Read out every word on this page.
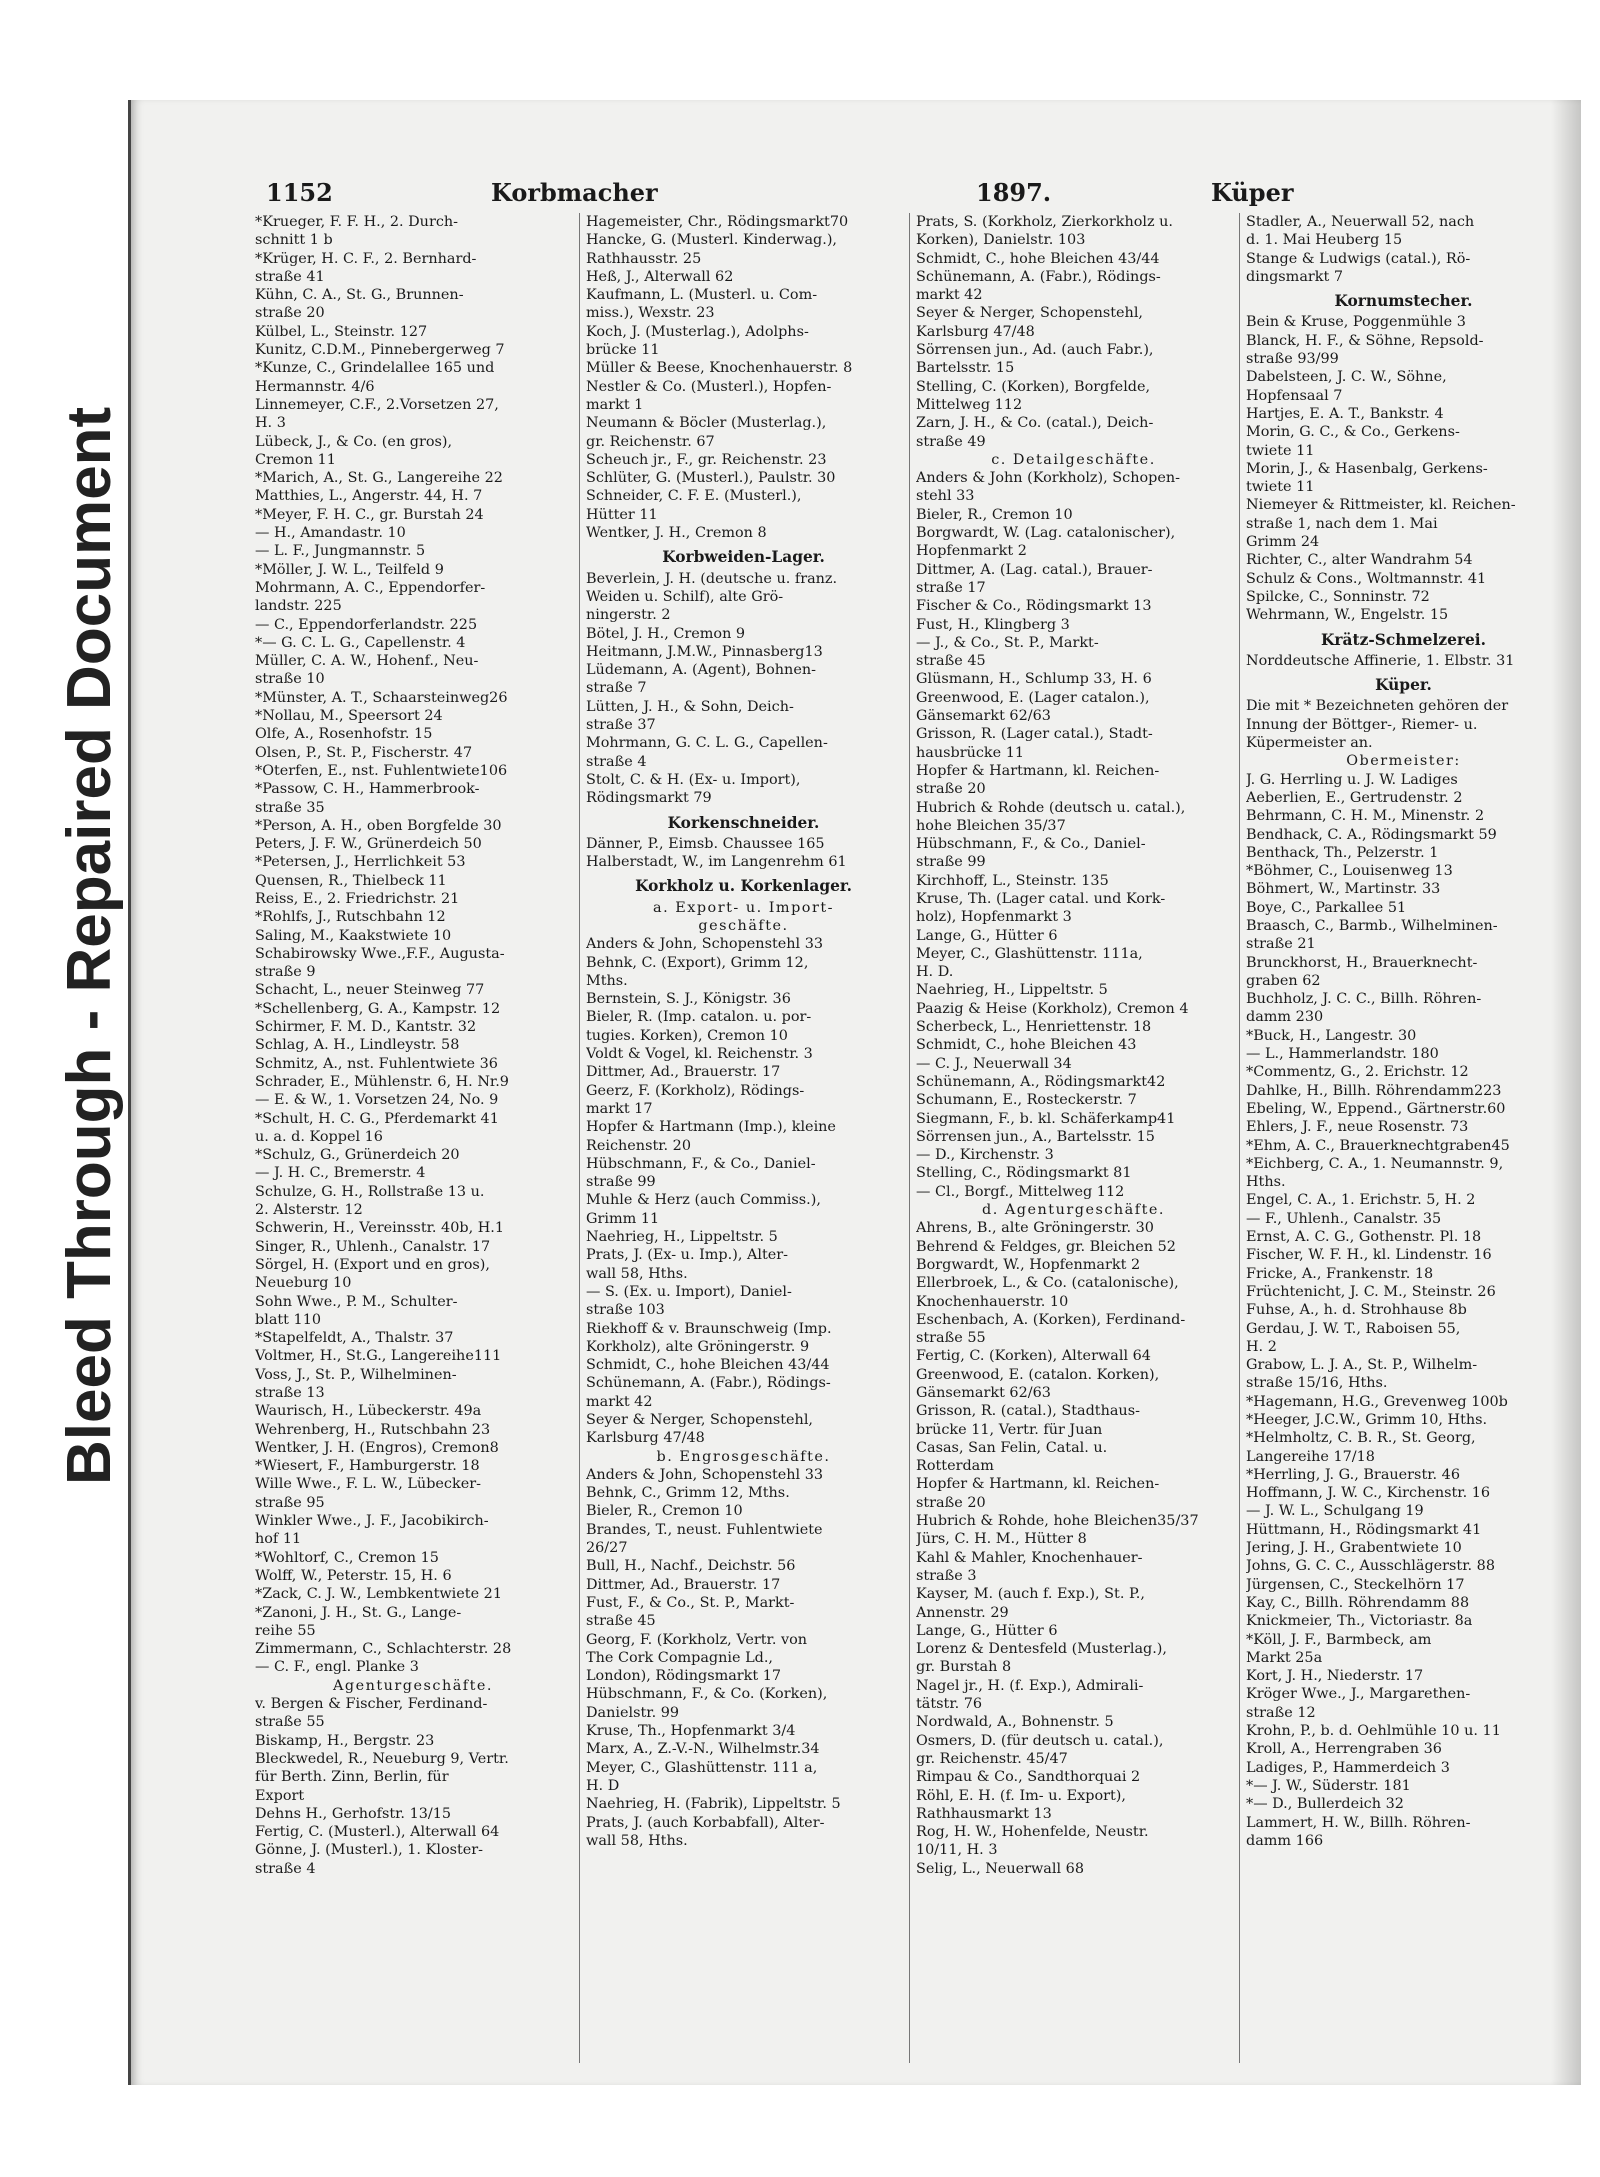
Bleed Through - Repaired Document
1152	Korbmacher	1897.	Küper
*Krueger, F. F. H., 2. Durch-
schnitt 1 b
*Krüger, H. C. F., 2. Bernhard-
straße 41
Kühn, C. A., St. G., Brunnen-
straße 20
Külbel, L., Steinstr. 127
Kunitz, C.D.M., Pinnebergerweg 7
*Kunze, C., Grindelallee 165 und
Hermannstr. 4/6
Linnemeyer, C.F., 2.Vorsetzen 27,
H. 3
Lübeck, J., & Co. (en gros),
Cremon 11
*Marich, A., St. G., Langereihe 22
Matthies, L., Angerstr. 44, H. 7
*Meyer, F. H. C., gr. Burstah 24
— H., Amandastr. 10
— L. F., Jungmannstr. 5
*Möller, J. W. L., Teilfeld 9
Mohrmann, A. C., Eppendorfer-
landstr. 225
— C., Eppendorferlandstr. 225
*— G. C. L. G., Capellenstr. 4
Müller, C. A. W., Hohenf., Neu-
straße 10
*Münster, A. T., Schaarsteinweg26
*Nollau, M., Speersort 24
Olfe, A., Rosenhofstr. 15
Olsen, P., St. P., Fischerstr. 47
*Oterfen, E., nst. Fuhlentwiete106
*Passow, C. H., Hammerbrook-
straße 35
*Person, A. H., oben Borgfelde 30
Peters, J. F. W., Grünerdeich 50
*Petersen, J., Herrlichkeit 53
Quensen, R., Thielbeck 11
Reiss, E., 2. Friedrichstr. 21
*Rohlfs, J., Rutschbahn 12
Saling, M., Kaakstwiete 10
Schabirowsky Wwe.,F.F., Augusta-
straße 9
Schacht, L., neuer Steinweg 77
*Schellenberg, G. A., Kampstr. 12
Schirmer, F. M. D., Kantstr. 32
Schlag, A. H., Lindleystr. 58
Schmitz, A., nst. Fuhlentwiete 36
Schrader, E., Mühlenstr. 6, H. Nr.9
— E. & W., 1. Vorsetzen 24, No. 9
*Schult, H. C. G., Pferdemarkt 41
u. a. d. Koppel 16
*Schulz, G., Grünerdeich 20
— J. H. C., Bremerstr. 4
Schulze, G. H., Rollstraße 13 u.
2. Alsterstr. 12
Schwerin, H., Vereinsstr. 40b, H.1
Singer, R., Uhlenh., Canalstr. 17
Sörgel, H. (Export und en gros),
Neueburg 10
Sohn Wwe., P. M., Schulter-
blatt 110
*Stapelfeldt, A., Thalstr. 37
Voltmer, H., St.G., Langereihe111
Voss, J., St. P., Wilhelminen-
straße 13
Waurisch, H., Lübeckerstr. 49a
Wehrenberg, H., Rutschbahn 23
Wentker, J. H. (Engros), Cremon8
*Wiesert, F., Hamburgerstr. 18
Wille Wwe., F. L. W., Lübecker-
straße 95
Winkler Wwe., J. F., Jacobikirch-
hof 11
*Wohltorf, C., Cremon 15
Wolff, W., Peterstr. 15, H. 6
*Zack, C. J. W., Lembkentwiete 21
*Zanoni, J. H., St. G., Lange-
reihe 55
Zimmermann, C., Schlachterstr. 28
— C. F., engl. Planke 3
Agenturgeschäfte.
v. Bergen & Fischer, Ferdinand-
straße 55
Biskamp, H., Bergstr. 23
Bleckwedel, R., Neueburg 9, Vertr.
für Berth. Zinn, Berlin, für
Export
Dehns H., Gerhofstr. 13/15
Fertig, C. (Musterl.), Alterwall 64
Gönne, J. (Musterl.), 1. Kloster-
straße 4
Hagemeister, Chr., Rödingsmarkt70
Hancke, G. (Musterl. Kinderwag.),
Rathhausstr. 25
Heß, J., Alterwall 62
Kaufmann, L. (Musterl. u. Com-
miss.), Wexstr. 23
Koch, J. (Musterlag.), Adolphs-
brücke 11
Müller & Beese, Knochenhauerstr. 8
Nestler & Co. (Musterl.), Hopfen-
markt 1
Neumann & Böcler (Musterlag.),
gr. Reichenstr. 67
Scheuch jr., F., gr. Reichenstr. 23
Schlüter, G. (Musterl.), Paulstr. 30
Schneider, C. F. E. (Musterl.),
Hütter 11
Wentker, J. H., Cremon 8
Korbweiden-Lager.
Beverlein, J. H. (deutsche u. franz.
Weiden u. Schilf), alte Grö-
ningerstr. 2
Bötel, J. H., Cremon 9
Heitmann, J.M.W., Pinnasberg13
Lüdemann, A. (Agent), Bohnen-
straße 7
Lütten, J. H., & Sohn, Deich-
straße 37
Mohrmann, G. C. L. G., Capellen-
straße 4
Stolt, C. & H. (Ex- u. Import),
Rödingsmarkt 79
Korkenschneider.
Dänner, P., Eimsb. Chaussee 165
Halberstadt, W., im Langenrehm 61
Korkholz u. Korkenlager.
a. Export- u. Import-
geschäfte.
Anders & John, Schopenstehl 33
Behnk, C. (Export), Grimm 12,
Mths.
Bernstein, S. J., Königstr. 36
Bieler, R. (Imp. catalon. u. por-
tugies. Korken), Cremon 10
Voldt & Vogel, kl. Reichenstr. 3
Dittmer, Ad., Brauerstr. 17
Geerz, F. (Korkholz), Rödings-
markt 17
Hopfer & Hartmann (Imp.), kleine
Reichenstr. 20
Hübschmann, F., & Co., Daniel-
straße 99
Muhle & Herz (auch Commiss.),
Grimm 11
Naehrieg, H., Lippeltstr. 5
Prats, J. (Ex- u. Imp.), Alter-
wall 58, Hths.
— S. (Ex. u. Import), Daniel-
straße 103
Riekhoff & v. Braunschweig (Imp.
Korkholz), alte Gröningerstr. 9
Schmidt, C., hohe Bleichen 43/44
Schünemann, A. (Fabr.), Rödings-
markt 42
Seyer & Nerger, Schopenstehl,
Karlsburg 47/48
b. Engrosgeschäfte.
Anders & John, Schopenstehl 33
Behnk, C., Grimm 12, Mths.
Bieler, R., Cremon 10
Brandes, T., neust. Fuhlentwiete
26/27
Bull, H., Nachf., Deichstr. 56
Dittmer, Ad., Brauerstr. 17
Fust, F., & Co., St. P., Markt-
straße 45
Georg, F. (Korkholz, Vertr. von
The Cork Compagnie Ld.,
London), Rödingsmarkt 17
Hübschmann, F., & Co. (Korken),
Danielstr. 99
Kruse, Th., Hopfenmarkt 3/4
Marx, A., Z.-V.-N., Wilhelmstr.34
Meyer, C., Glashüttenstr. 111 a,
H. D
Naehrieg, H. (Fabrik), Lippeltstr. 5
Prats, J. (auch Korbabfall), Alter-
wall 58, Hths.
Prats, S. (Korkholz, Zierkorkholz u.
Korken), Danielstr. 103
Schmidt, C., hohe Bleichen 43/44
Schünemann, A. (Fabr.), Rödings-
markt 42
Seyer & Nerger, Schopenstehl,
Karlsburg 47/48
Sörrensen jun., Ad. (auch Fabr.),
Bartelsstr. 15
Stelling, C. (Korken), Borgfelde,
Mittelweg 112
Zarn, J. H., & Co. (catal.), Deich-
straße 49
c. Detailgeschäfte.
Anders & John (Korkholz), Schopen-
stehl 33
Bieler, R., Cremon 10
Borgwardt, W. (Lag. catalonischer),
Hopfenmarkt 2
Dittmer, A. (Lag. catal.), Brauer-
straße 17
Fischer & Co., Rödingsmarkt 13
Fust, H., Klingberg 3
— J., & Co., St. P., Markt-
straße 45
Glüsmann, H., Schlump 33, H. 6
Greenwood, E. (Lager catalon.),
Gänsemarkt 62/63
Grisson, R. (Lager catal.), Stadt-
hausbrücke 11
Hopfer & Hartmann, kl. Reichen-
straße 20
Hubrich & Rohde (deutsch u. catal.),
hohe Bleichen 35/37
Hübschmann, F., & Co., Daniel-
straße 99
Kirchhoff, L., Steinstr. 135
Kruse, Th. (Lager catal. und Kork-
holz), Hopfenmarkt 3
Lange, G., Hütter 6
Meyer, C., Glashüttenstr. 111a,
H. D.
Naehrieg, H., Lippeltstr. 5
Paazig & Heise (Korkholz), Cremon 4
Scherbeck, L., Henriettenstr. 18
Schmidt, C., hohe Bleichen 43
— C. J., Neuerwall 34
Schünemann, A., Rödingsmarkt42
Schumann, E., Rosteckerstr. 7
Siegmann, F., b. kl. Schäferkamp41
Sörrensen jun., A., Bartelsstr. 15
— D., Kirchenstr. 3
Stelling, C., Rödingsmarkt 81
— Cl., Borgf., Mittelweg 112
d. Agenturgeschäfte.
Ahrens, B., alte Gröningerstr. 30
Behrend & Feldges, gr. Bleichen 52
Borgwardt, W., Hopfenmarkt 2
Ellerbroek, L., & Co. (catalonische),
Knochenhauerstr. 10
Eschenbach, A. (Korken), Ferdinand-
straße 55
Fertig, C. (Korken), Alterwall 64
Greenwood, E. (catalon. Korken),
Gänsemarkt 62/63
Grisson, R. (catal.), Stadthaus-
brücke 11, Vertr. für Juan
Casas, San Felin, Catal. u.
Rotterdam
Hopfer & Hartmann, kl. Reichen-
straße 20
Hubrich & Rohde, hohe Bleichen35/37
Jürs, C. H. M., Hütter 8
Kahl & Mahler, Knochenhauer-
straße 3
Kayser, M. (auch f. Exp.), St. P.,
Annenstr. 29
Lange, G., Hütter 6
Lorenz & Dentesfeld (Musterlag.),
gr. Burstah 8
Nagel jr., H. (f. Exp.), Admirali-
tätstr. 76
Nordwald, A., Bohnenstr. 5
Osmers, D. (für deutsch u. catal.),
gr. Reichenstr. 45/47
Rimpau & Co., Sandthorquai 2
Röhl, E. H. (f. Im- u. Export),
Rathhausmarkt 13
Rog, H. W., Hohenfelde, Neustr.
10/11, H. 3
Selig, L., Neuerwall 68
Stadler, A., Neuerwall 52, nach
d. 1. Mai Heuberg 15
Stange & Ludwigs (catal.), Rö-
dingsmarkt 7
Kornumstecher.
Bein & Kruse, Poggenmühle 3
Blanck, H. F., & Söhne, Repsold-
straße 93/99
Dabelsteen, J. C. W., Söhne,
Hopfensaal 7
Hartjes, E. A. T., Bankstr. 4
Morin, G. C., & Co., Gerkens-
twiete 11
Morin, J., & Hasenbalg, Gerkens-
twiete 11
Niemeyer & Rittmeister, kl. Reichen-
straße 1, nach dem 1. Mai
Grimm 24
Richter, C., alter Wandrahm 54
Schulz & Cons., Woltmannstr. 41
Spilcke, C., Sonninstr. 72
Wehrmann, W., Engelstr. 15
Krätz-Schmelzerei.
Norddeutsche Affinerie, 1. Elbstr. 31
Küper.
Die mit * Bezeichneten gehören der Innung der Böttger-, Riemer- u. Küpermeister an.
Obermeister:
J. G. Herrling u. J. W. Ladiges
Aeberlien, E., Gertrudenstr. 2
Behrmann, C. H. M., Minenstr. 2
Bendhack, C. A., Rödingsmarkt 59
Benthack, Th., Pelzerstr. 1
*Böhmer, C., Louisenweg 13
Böhmert, W., Martinstr. 33
Boye, C., Parkallee 51
Braasch, C., Barmb., Wilhelminen-
straße 21
Brunckhorst, H., Brauerknecht-
graben 62
Buchholz, J. C. C., Billh. Röhren-
damm 230
*Buck, H., Langestr. 30
— L., Hammerlandstr. 180
*Commentz, G., 2. Erichstr. 12
Dahlke, H., Billh. Röhrendamm223
Ebeling, W., Eppend., Gärtnerstr.60
Ehlers, J. F., neue Rosenstr. 73
*Ehm, A. C., Brauerknechtgraben45
*Eichberg, C. A., 1. Neumannstr. 9,
Hths.
Engel, C. A., 1. Erichstr. 5, H. 2
— F., Uhlenh., Canalstr. 35
Ernst, A. C. G., Gothenstr. Pl. 18
Fischer, W. F. H., kl. Lindenstr. 16
Fricke, A., Frankenstr. 18
Früchtenicht, J. C. M., Steinstr. 26
Fuhse, A., h. d. Strohhause 8b
Gerdau, J. W. T., Raboisen 55,
H. 2
Grabow, L. J. A., St. P., Wilhelm-
straße 15/16, Hths.
*Hagemann, H.G., Grevenweg 100b
*Heeger, J.C.W., Grimm 10, Hths.
*Helmholtz, C. B. R., St. Georg,
Langereihe 17/18
*Herrling, J. G., Brauerstr. 46
Hoffmann, J. W. C., Kirchenstr. 16
— J. W. L., Schulgang 19
Hüttmann, H., Rödingsmarkt 41
Jering, J. H., Grabentwiete 10
Johns, G. C. C., Ausschlägerstr. 88
Jürgensen, C., Steckelhörn 17
Kay, C., Billh. Röhrendamm 88
Knickmeier, Th., Victoriastr. 8a
*Köll, J. F., Barmbeck, am
Markt 25a
Kort, J. H., Niederstr. 17
Kröger Wwe., J., Margarethen-
straße 12
Krohn, P., b. d. Oehlmühle 10 u. 11
Kroll, A., Herrengraben 36
Ladiges, P., Hammerdeich 3
*— J. W., Süderstr. 181
*— D., Bullerdeich 32
Lammert, H. W., Billh. Röhren-
damm 166
